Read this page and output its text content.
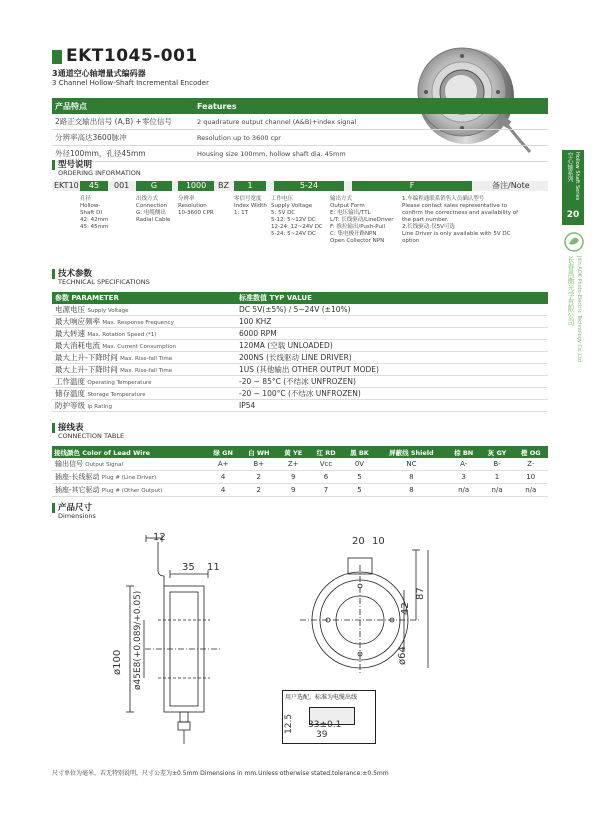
EKT1045-001
3通道空心轴增量式编码器
3 Channel Hollow-Shaft Incremental Encoder
产品特点	Features
2路正交输出信号 (A,B) +零位信号	2 quadrature output channel (A&B)+index signal
分辨率高达3600脉冲	Resolution up to 3600 cpr
外径100mm，孔径45mm	Housing size 100mm, hollow shaft dia. 45mm
型号说明
ORDERING INFORMATION
EKT10	45	001	G	1000	BZ	1	5-24	F	备注/Note
孔径
Hollow-
Shaft DI
42: 42mm
45: 45mm
出线方式
Connection
G: 电缆侧出
Radial Cable
分辨率
Resolution
10-3600 CPR
零信号宽度
Index Width
1: 1T
工作电压
Supply Voltage
5: 5V DC
5-12: 5~12V DC
12-24: 12~24V DC
5-24: 5~24V DC
输出方式
Output Form
E: 电压输出/TTL
L/T: 长线驱动/LineDriver
F: 推拉输出/Push-Pull
C: 集电极开路NPN
Open Collector NPN
1.车编程通联系销售人员确认型号
Please contact sales representative to
confirm the correctness and availability of
the part number.
2.长线驱动:仅5V可选
Line Driver is only available with 5V DC
option
技术参数
TECHNICAL SPECIFICATIONS
参数 PARAMETER	标准数值 TYP VALUE
电源电压 Supply Voltage	DC 5V(±5%) / 5~24V (±10%)
最大响应频率 Max. Response Frequency	100 KHZ
最大转速 Max. Rotation Speed (*1)	6000 RPM
最大消耗电流 Max. Current Consumption	120MA (空载 UNLOADED)
最大上升-下降时间 Max. Rise-fall Time	200NS (长线驱动 LINE DRIVER)
最大上升-下降时间 Max. Rise-fall Time	1US (其他输出 OTHER OUTPUT MODE)
工作温度 Operating Temperature	-20 ~ 85°C (不结冰 UNFROZEN)
储存温度 Storage Temperature	-20 ~ 100°C (不结冰 UNFROZEN)
防护等级 Ip Rating	IP54
接线表
CONNECTION TABLE
接线颜色 Color of Lead Wire	绿 GN	白 WH	黄 YE	红 RD	黑 BK	屏蔽线 Shield	棕 BN	灰 GY	橙 OG
输出信号 Output Signal	A+	B+	Z+	Vcc	0V	NC	A-	B-	Z-
插座-长线驱动 Plug # (Line Driver)	4	2	9	6	5	8	3	1	10
插座-其它驱动 Plug # (Other Output)	4	2	9	7	5	8	n/a	n/a	n/a
产品尺寸
Dimensions
12
35 11
ø100 ø45E8(+0.089/+0.05)
20 10
42
87
ø64
用户选配，标准为电缆出线
12.5 33±0.1
39
空心轴系列 Hollow Shaft Series
20
长春禹衡光学有限公司 Jilin AOK Photo-Electric Technology Co.,Ltd
尺寸单位为毫米，若无特别说明，尺寸公差为±0.5mm Dimensions in mm.Unless otherwise stated,tolerance:±0.5mm
